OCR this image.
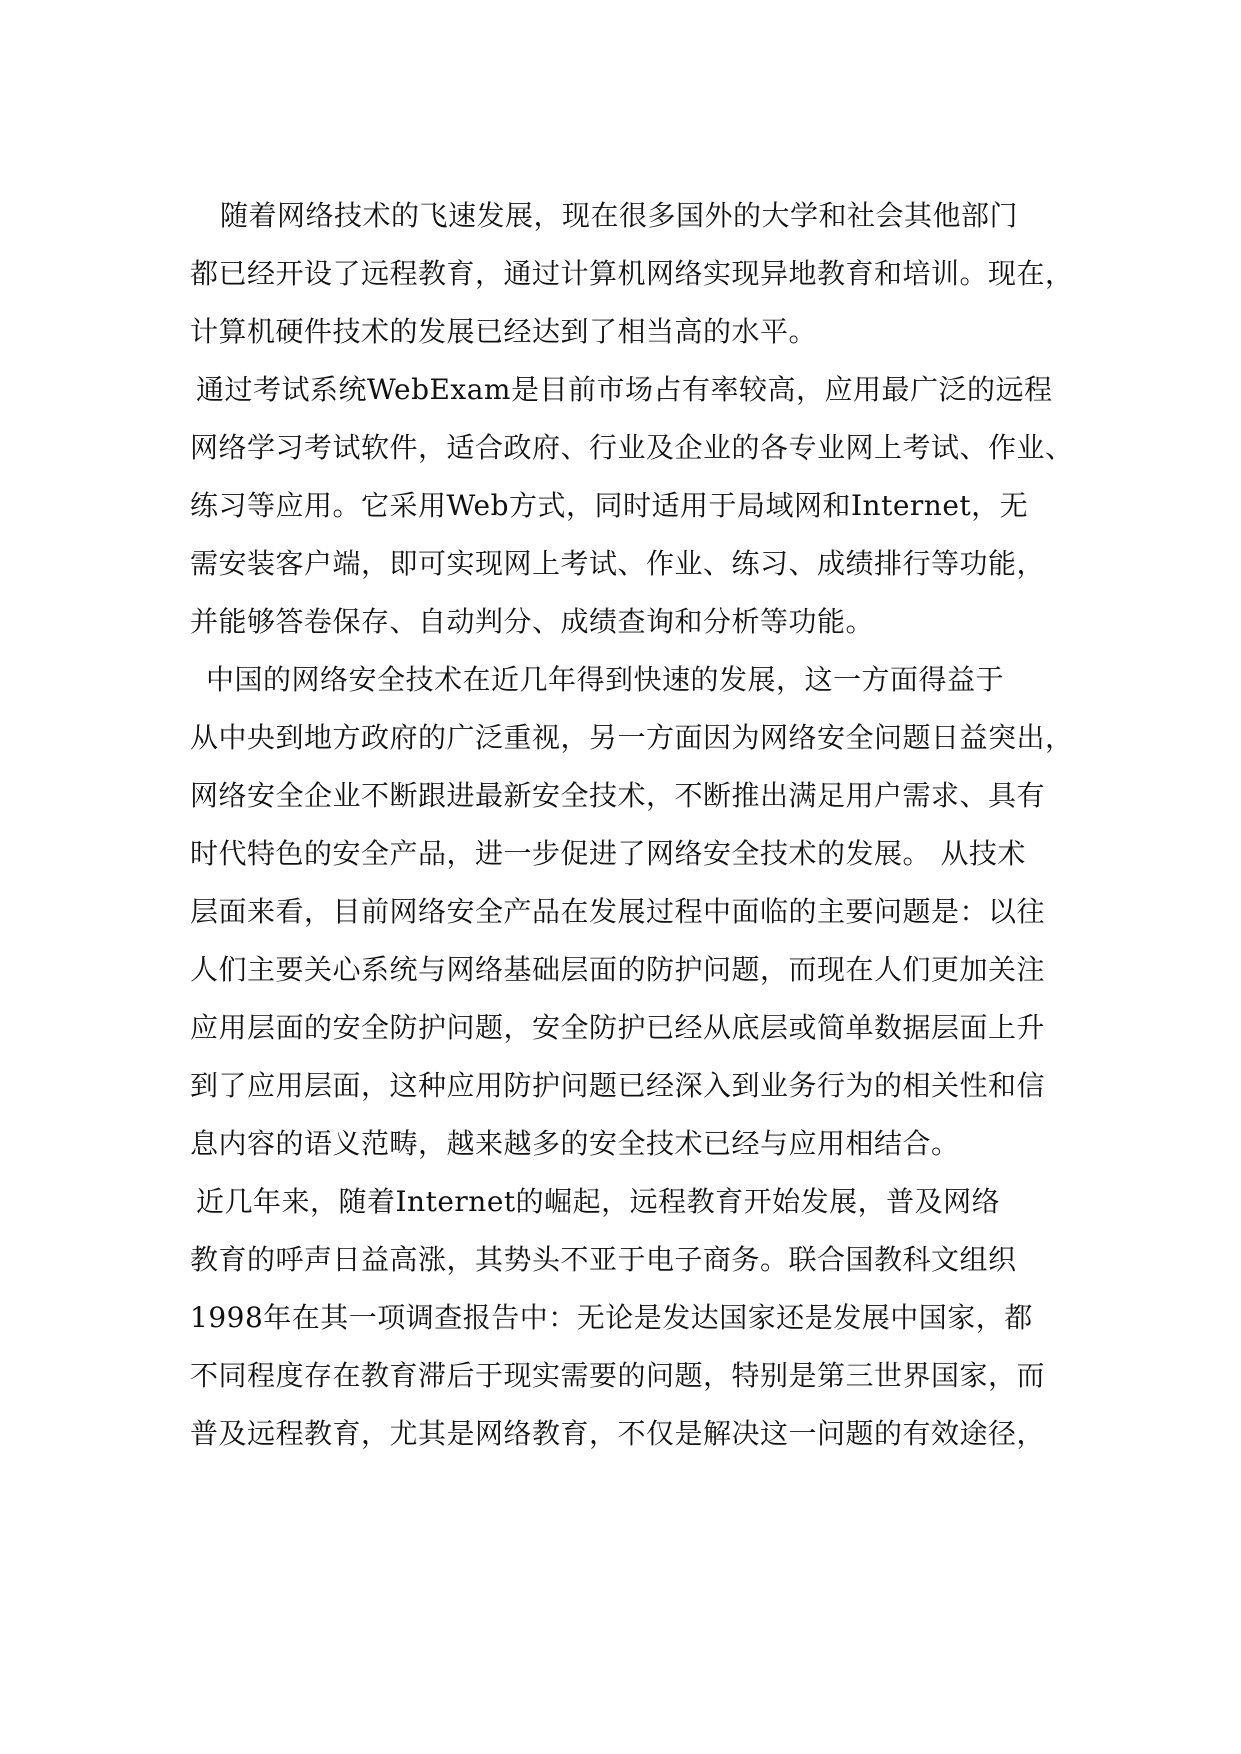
随着网络技术的飞速发展，现在很多国外的大学和社会其他部门
都已经开设了远程教育，通过计算机网络实现异地教育和培训。现在，
计算机硬件技术的发展已经达到了相当高的水平。
通过考试系统WebExam是目前市场占有率较高，应用最广泛的远程
网络学习考试软件，适合政府、行业及企业的各专业网上考试、作业、
练习等应用。它采用Web方式，同时适用于局域网和Internet，无
需安装客户端，即可实现网上考试、作业、练习、成绩排行等功能，
并能够答卷保存、自动判分、成绩查询和分析等功能。
中国的网络安全技术在近几年得到快速的发展，这一方面得益于
从中央到地方政府的广泛重视，另一方面因为网络安全问题日益突出，
网络安全企业不断跟进最新安全技术，不断推出满足用户需求、具有
时代特色的安全产品，进一步促进了网络安全技术的发展。 从技术
层面来看，目前网络安全产品在发展过程中面临的主要问题是：以往
人们主要关心系统与网络基础层面的防护问题，而现在人们更加关注
应用层面的安全防护问题，安全防护已经从底层或简单数据层面上升
到了应用层面，这种应用防护问题已经深入到业务行为的相关性和信
息内容的语义范畴，越来越多的安全技术已经与应用相结合。
近几年来，随着Internet的崛起，远程教育开始发展，普及网络
教育的呼声日益高涨，其势头不亚于电子商务。联合国教科文组织
1998年在其一项调查报告中：无论是发达国家还是发展中国家，都
不同程度存在教育滞后于现实需要的问题，特别是第三世界国家，而
普及远程教育，尤其是网络教育，不仅是解决这一问题的有效途径，
